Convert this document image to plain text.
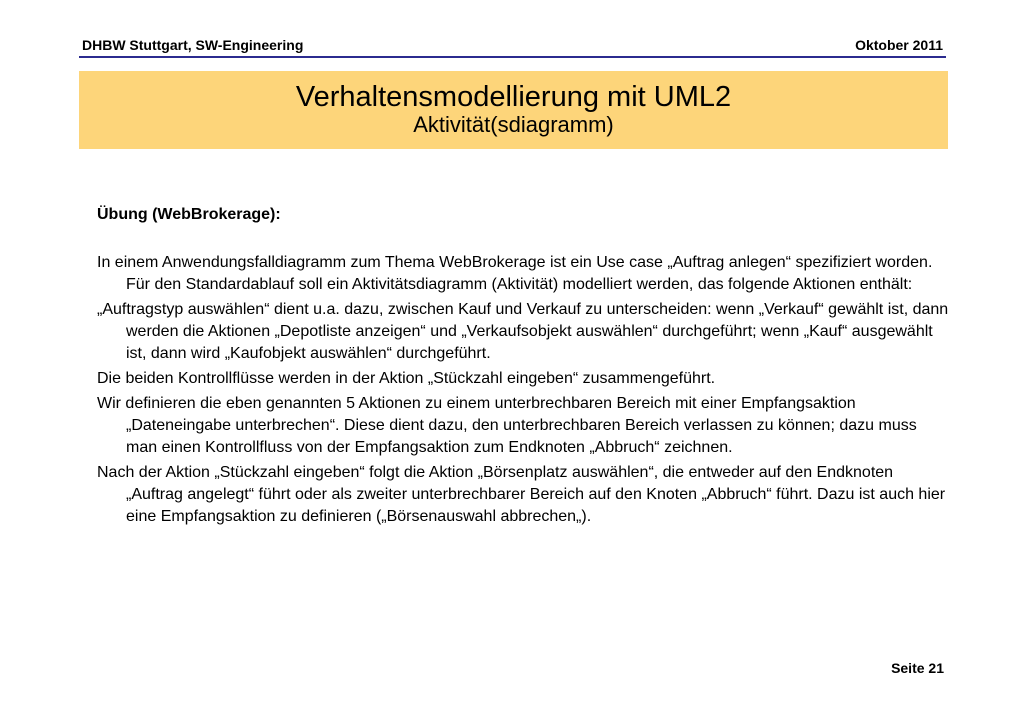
DHBW Stuttgart, SW-Engineering	Oktober 2011
Verhaltensmodellierung mit UML2
Aktivität(sdiagramm)
Übung (WebBrokerage):
In einem Anwendungsfalldiagramm zum Thema WebBrokerage ist ein Use case „Auftrag anlegen“ spezifiziert worden. Für den Standardablauf soll ein Aktivitätsdiagramm (Aktivität) modelliert werden, das folgende Aktionen enthält:
„Auftragstyp auswählen“ dient u.a. dazu, zwischen Kauf und Verkauf zu unterscheiden: wenn „Verkauf“ gewählt ist, dann werden die Aktionen „Depotliste anzeigen“ und „Verkaufsobjekt auswählen“ durchgeführt; wenn „Kauf“ ausgewählt ist, dann wird „Kaufobjekt auswählen“ durchgeführt.
Die beiden Kontrollflüsse werden in der Aktion „Stückzahl eingeben“ zusammengeführt.
Wir definieren die eben genannten 5 Aktionen zu einem unterbrechbaren Bereich mit einer Empfangsaktion „Dateneingabe unterbrechen“. Diese dient dazu, den unterbrechbaren Bereich verlassen zu können; dazu muss man einen Kontrollfluss von der Empfangsaktion zum Endknoten „Abbruch“ zeichnen.
Nach der Aktion „Stückzahl eingeben“ folgt die Aktion „Börsenplatz auswählen“, die entweder auf den Endknoten „Auftrag angelegt“ führt oder als zweiter unterbrechbarer Bereich auf den Knoten „Abbruch“ führt. Dazu ist auch hier eine Empfangsaktion zu definieren („Börsenauswahl abbrechen„).
Seite 21
